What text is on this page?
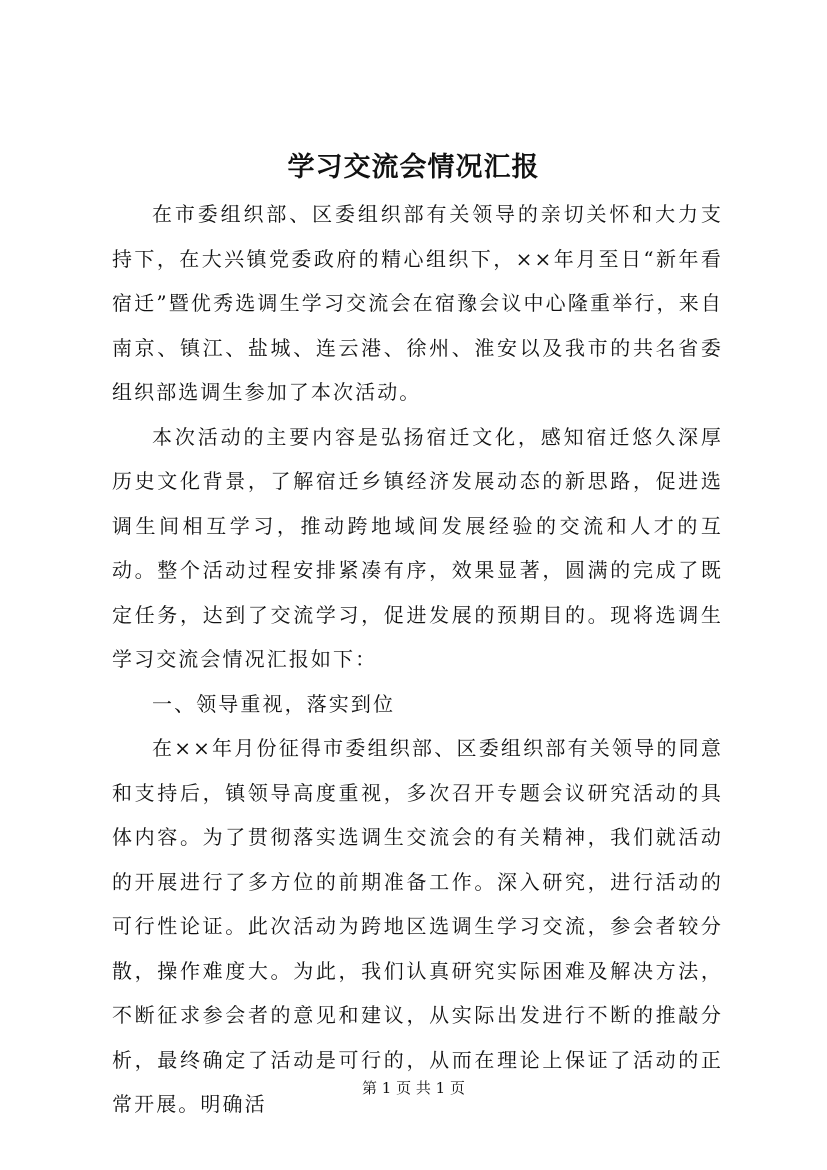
学习交流会情况汇报

在市委组织部、区委组织部有关领导的亲切关怀和大力支持下，在大兴镇党委政府的精心组织下，××年月至日“新年看宿迁”暨优秀选调生学习交流会在宿豫会议中心隆重举行，来自南京、镇江、盐城、连云港、徐州、淮安以及我市的共名省委组织部选调生参加了本次活动。

本次活动的主要内容是弘扬宿迁文化，感知宿迁悠久深厚历史文化背景，了解宿迁乡镇经济发展动态的新思路，促进选调生间相互学习，推动跨地域间发展经验的交流和人才的互动。整个活动过程安排紧凑有序，效果显著，圆满的完成了既定任务，达到了交流学习，促进发展的预期目的。现将选调生学习交流会情况汇报如下：

一、领导重视，落实到位

在××年月份征得市委组织部、区委组织部有关领导的同意和支持后，镇领导高度重视，多次召开专题会议研究活动的具体内容。为了贯彻落实选调生交流会的有关精神，我们就活动的开展进行了多方位的前期准备工作。深入研究，进行活动的可行性论证。此次活动为跨地区选调生学习交流，参会者较分散，操作难度大。为此，我们认真研究实际困难及解决方法，不断征求参会者的意见和建议，从实际出发进行不断的推敲分析，最终确定了活动是可行的，从而在理论上保证了活动的正常开展。明确活

第 1 页 共 1 页
